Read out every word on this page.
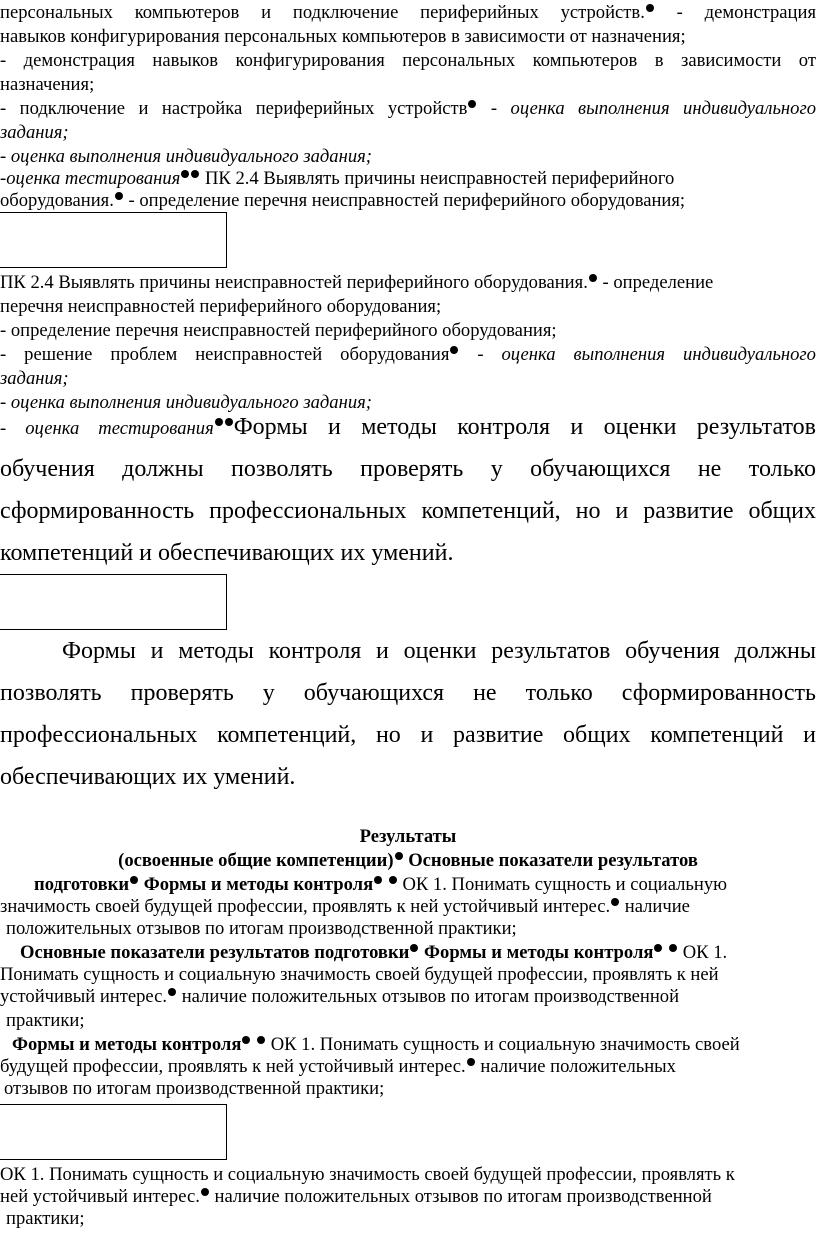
персональных компьютеров и подключение периферийных устройств. - демонстрация

навыков конфигурирования персональных компьютеров в зависимости от назначения;

- демонстрация навыков конфигурирования персональных компьютеров в зависимости от

назначения;

- подключение и настройка периферийных устройств - оценка выполнения индивидуального

задания;

- оценка выполнения индивидуального задания;

-оценка тестирования ПК 2.4 Выявлять причины неисправностей периферийного

оборудования. - определение перечня неисправностей периферийного оборудования;

ПК 2.4 Выявлять причины неисправностей периферийного оборудования. - определение

перечня неисправностей периферийного оборудования;

- определение перечня неисправностей периферийного оборудования;

- решение проблем неисправностей оборудования - оценка выполнения индивидуального

задания;

- оценка выполнения индивидуального задания;

- оценка тестирования Формы и методы контроля и оценки результатов

обучения должны позволять проверять у обучающихся не только

сформированность профессиональных компетенций, но и развитие общих

компетенций и обеспечивающих их умений.

Формы и методы контроля и оценки результатов обучения должны

позволять проверять у обучающихся не только сформированность

профессиональных компетенций, но и развитие общих компетенций и

обеспечивающих их умений.

Результаты

(освоенные общие компетенции) Основные показатели результатов

подготовки Формы и методы контроля  ОК 1. Понимать сущность и социальную

значимость своей будущей профессии, проявлять к ней устойчивый интерес. наличие

положительных отзывов по итогам производственной практики;

Основные показатели результатов подготовки Формы и методы контроля  ОК 1.

Понимать сущность и социальную значимость своей будущей профессии, проявлять к ней

устойчивый интерес. наличие положительных отзывов по итогам производственной

практики;

Формы и методы контроля  ОК 1. Понимать сущность и социальную значимость своей

будущей профессии, проявлять к ней устойчивый интерес. наличие положительных

отзывов по итогам производственной практики;

ОК 1. Понимать сущность и социальную значимость своей будущей профессии, проявлять к

ней устойчивый интерес. наличие положительных отзывов по итогам производственной

практики;
